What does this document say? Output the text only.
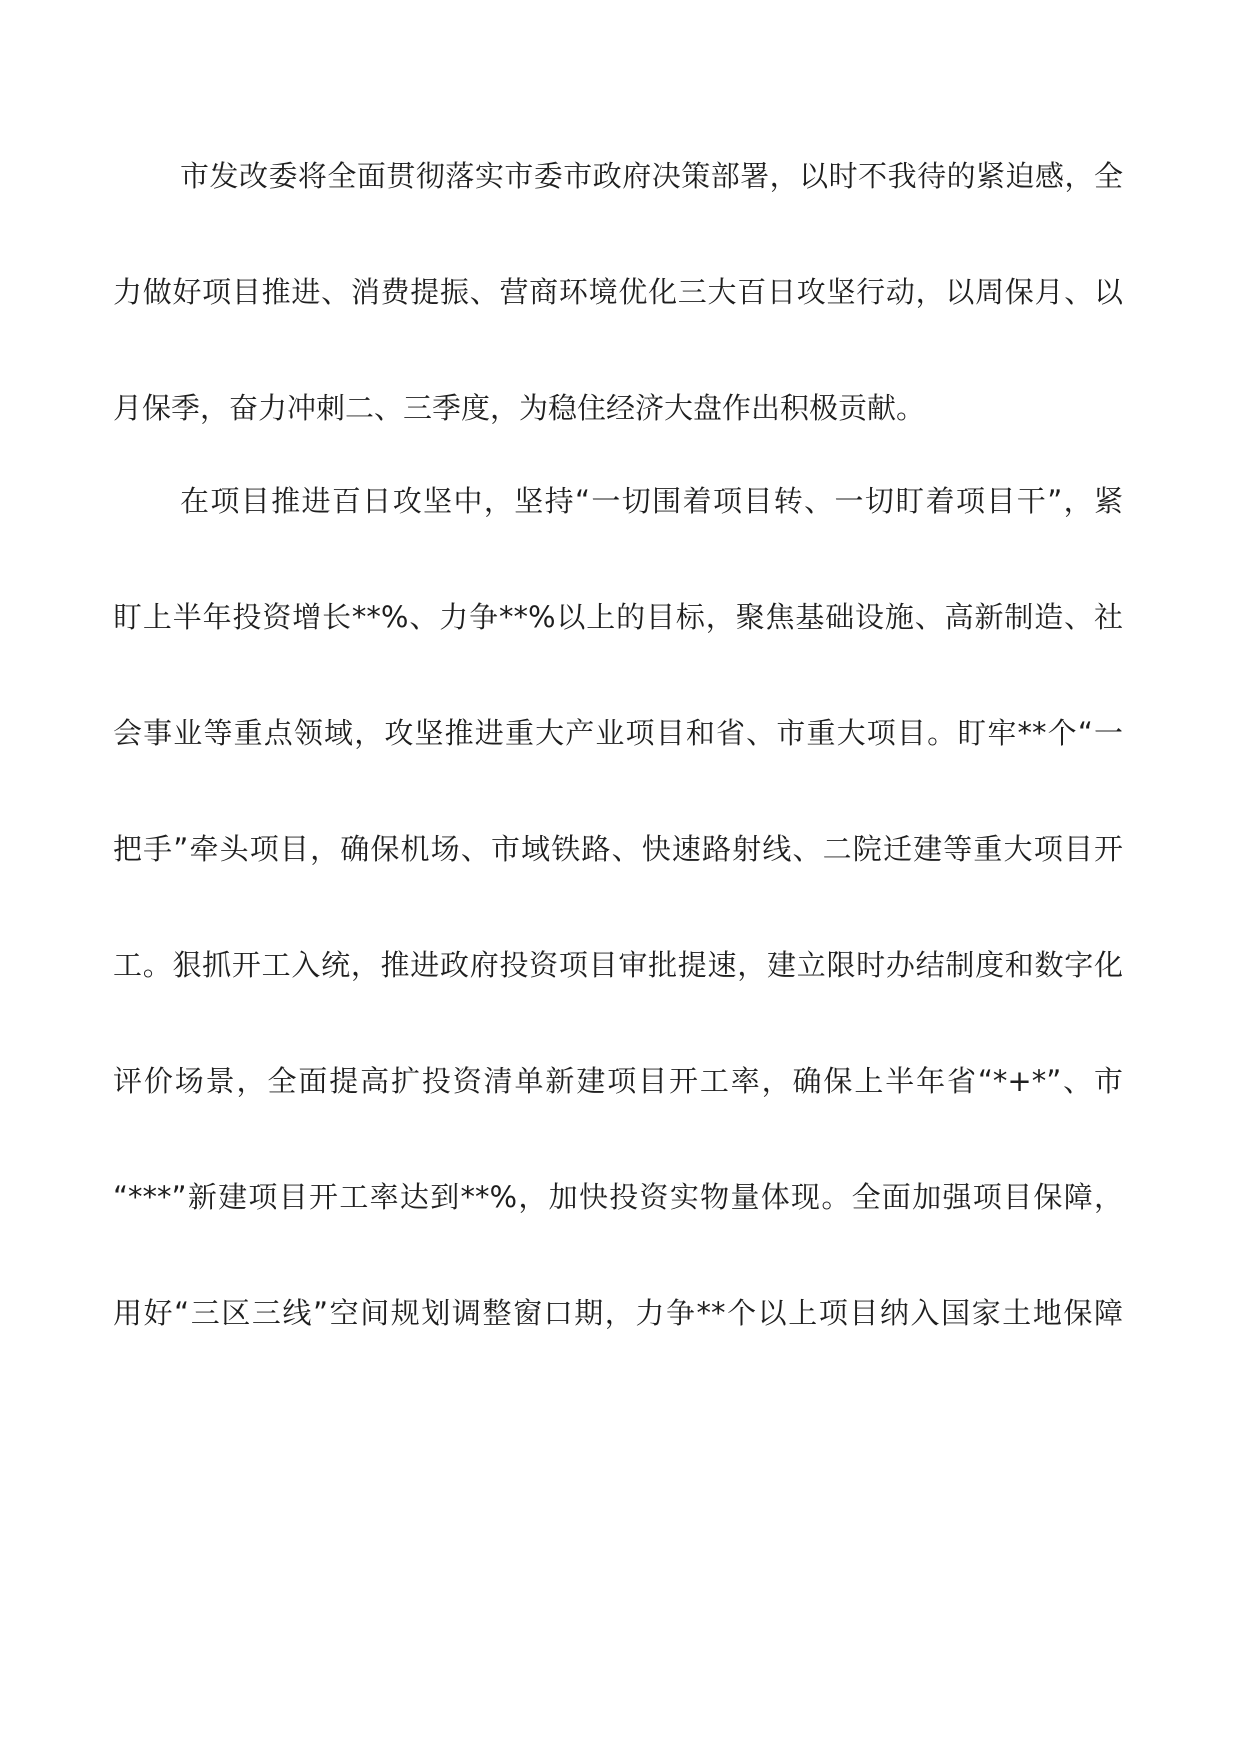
市发改委将全面贯彻落实市委市政府决策部署，以时不我待的紧迫感，全
力做好项目推进、消费提振、营商环境优化三大百日攻坚行动，以周保月、以
月保季，奋力冲刺二、三季度，为稳住经济大盘作出积极贡献。
在项目推进百日攻坚中，坚持“一切围着项目转、一切盯着项目干”，紧
盯上半年投资增长**%、力争**%以上的目标，聚焦基础设施、高新制造、社
会事业等重点领域，攻坚推进重大产业项目和省、市重大项目。盯牢**个“一
把手”牵头项目，确保机场、市域铁路、快速路射线、二院迁建等重大项目开
工。狠抓开工入统，推进政府投资项目审批提速，建立限时办结制度和数字化
评价场景，全面提高扩投资清单新建项目开工率，确保上半年省“*+*”、市
“***”新建项目开工率达到**%，加快投资实物量体现。全面加强项目保障，
用好“三区三线”空间规划调整窗口期，力争**个以上项目纳入国家土地保障
